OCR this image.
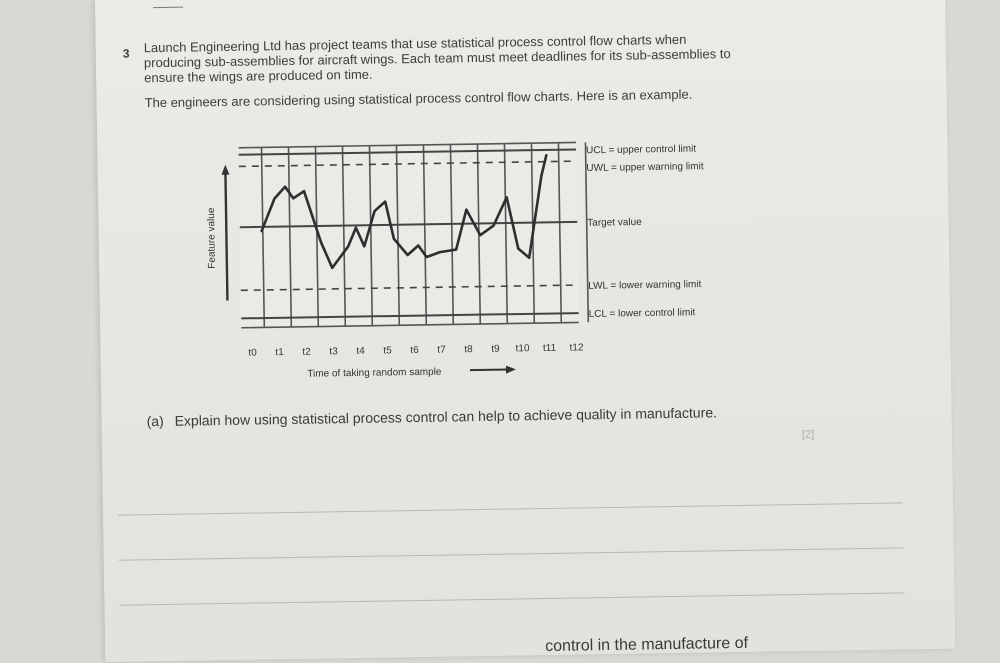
3 Launch Engineering Ltd has project teams that use statistical process control flow charts when producing sub-assemblies for aircraft wings. Each team must meet deadlines for its sub-assemblies to ensure the wings are produced on time.
The engineers are considering using statistical process control flow charts. Here is an example.
Feature value
t0 t1 t2 t3 t4 t5 t6 t7 t8 t9 t10 t11 t12
Time of taking random sample
UCL = upper control limit
UWL = upper warning limit
Target value
LWL = lower warning limit
LCL = lower control limit
(a) Explain how using statistical process control can help to achieve quality in manufacture.
[2]
control in the manufacture of
